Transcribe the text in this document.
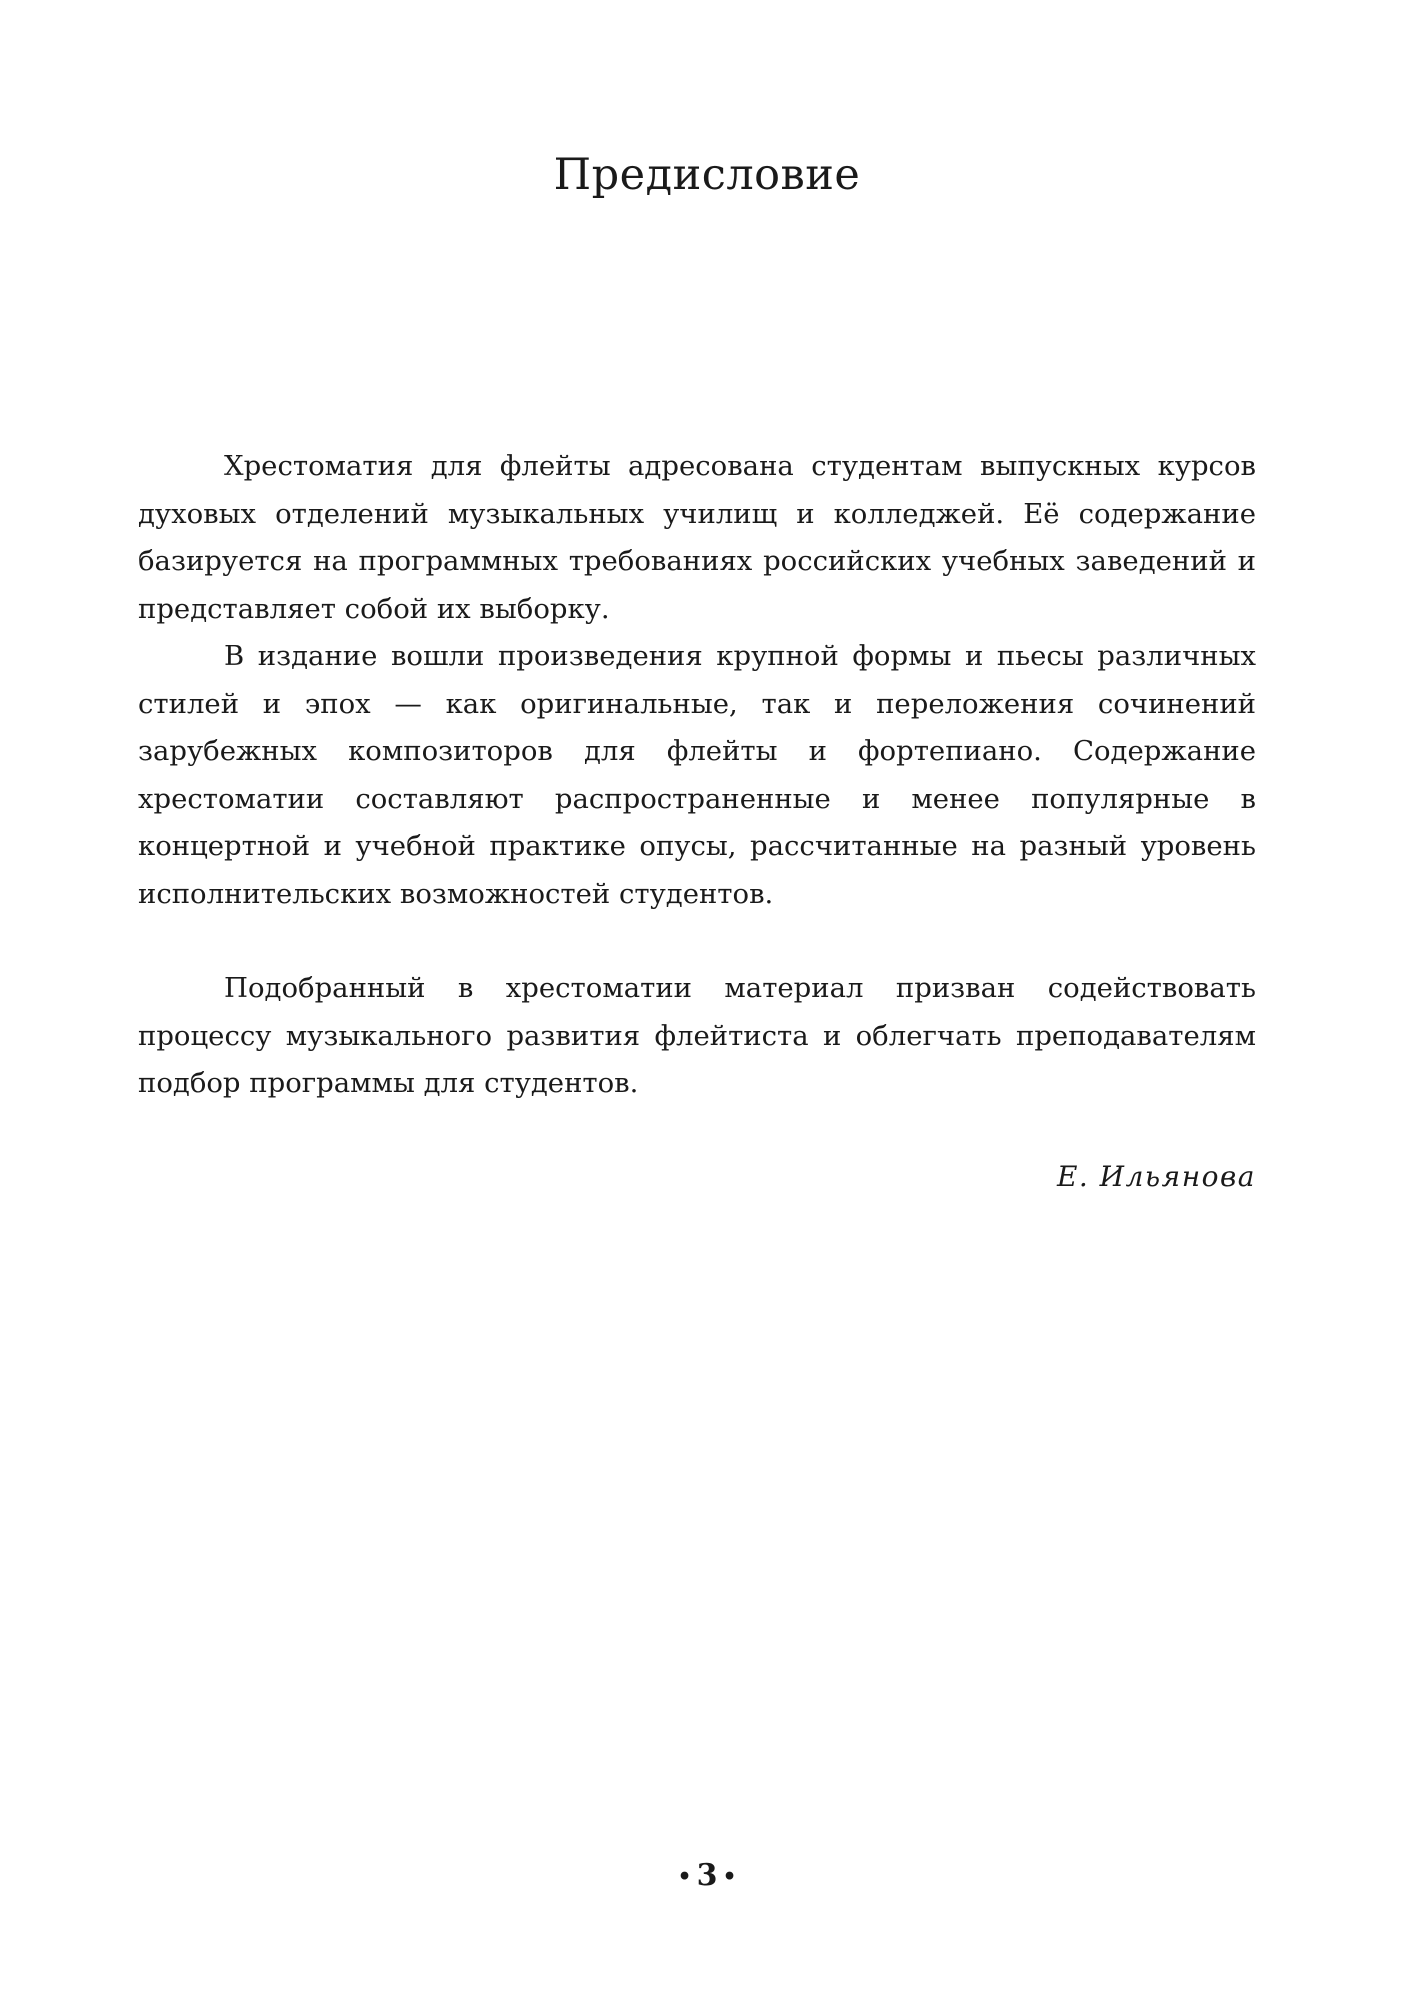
Предисловие

Хрестоматия для флейты адресована студентам выпускных курсов духовых отделений музыкальных училищ и колледжей. Её содержание базируется на программных требованиях российских учебных заведений и представляет собой их выборку.

В издание вошли произведения крупной формы и пьесы различных стилей и эпох — как оригинальные, так и переложения сочинений зарубежных композиторов для флейты и фортепиано. Содержание хрестоматии составляют распространенные и менее популярные в концертной и учебной практике опусы, рассчитанные на разный уровень исполнительских возможностей студентов.

Подобранный в хрестоматии материал призван содействовать процессу музыкального развития флейтиста и облегчать преподавателям подбор программы для студентов.

Е. Ильянова
• 3 •
